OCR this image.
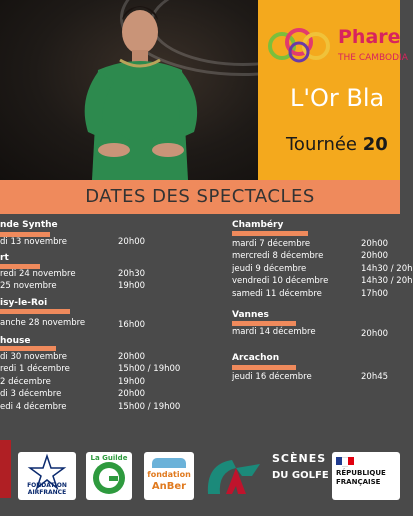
Phare
THE CAMBODIA
L'Or Bla
Tournée 20
DATES DES SPECTACLES
nde Synthe
di 13 novembre	20h00
rt
redi 24 novembre	20h30
25 novembre	19h00
isy-le-Roi
anche 28 novembre	16h00
house
di 30 novembre	20h00
redi 1 décembre	15h00 / 19h00
2 décembre	19h00
di 3 décembre	20h00
edi 4 décembre	15h00 / 19h00
Chambéry
mardi 7 décembre	20h00
mercredi 8 décembre	20h00
jeudi 9 décembre	14h30 / 20h
vendredi 10 décembre	14h30 / 20h
samedi 11 décembre	17h00
Vannes
mardi 14 décembre	20h00
Arcachon
jeudi 16 décembre	20h45
FONDATION AIRFRANCE
La Guilde
fondation
AnBer
SCÈNES
DU GOLFE RÉPUBLIQUE
FRANÇAISE
